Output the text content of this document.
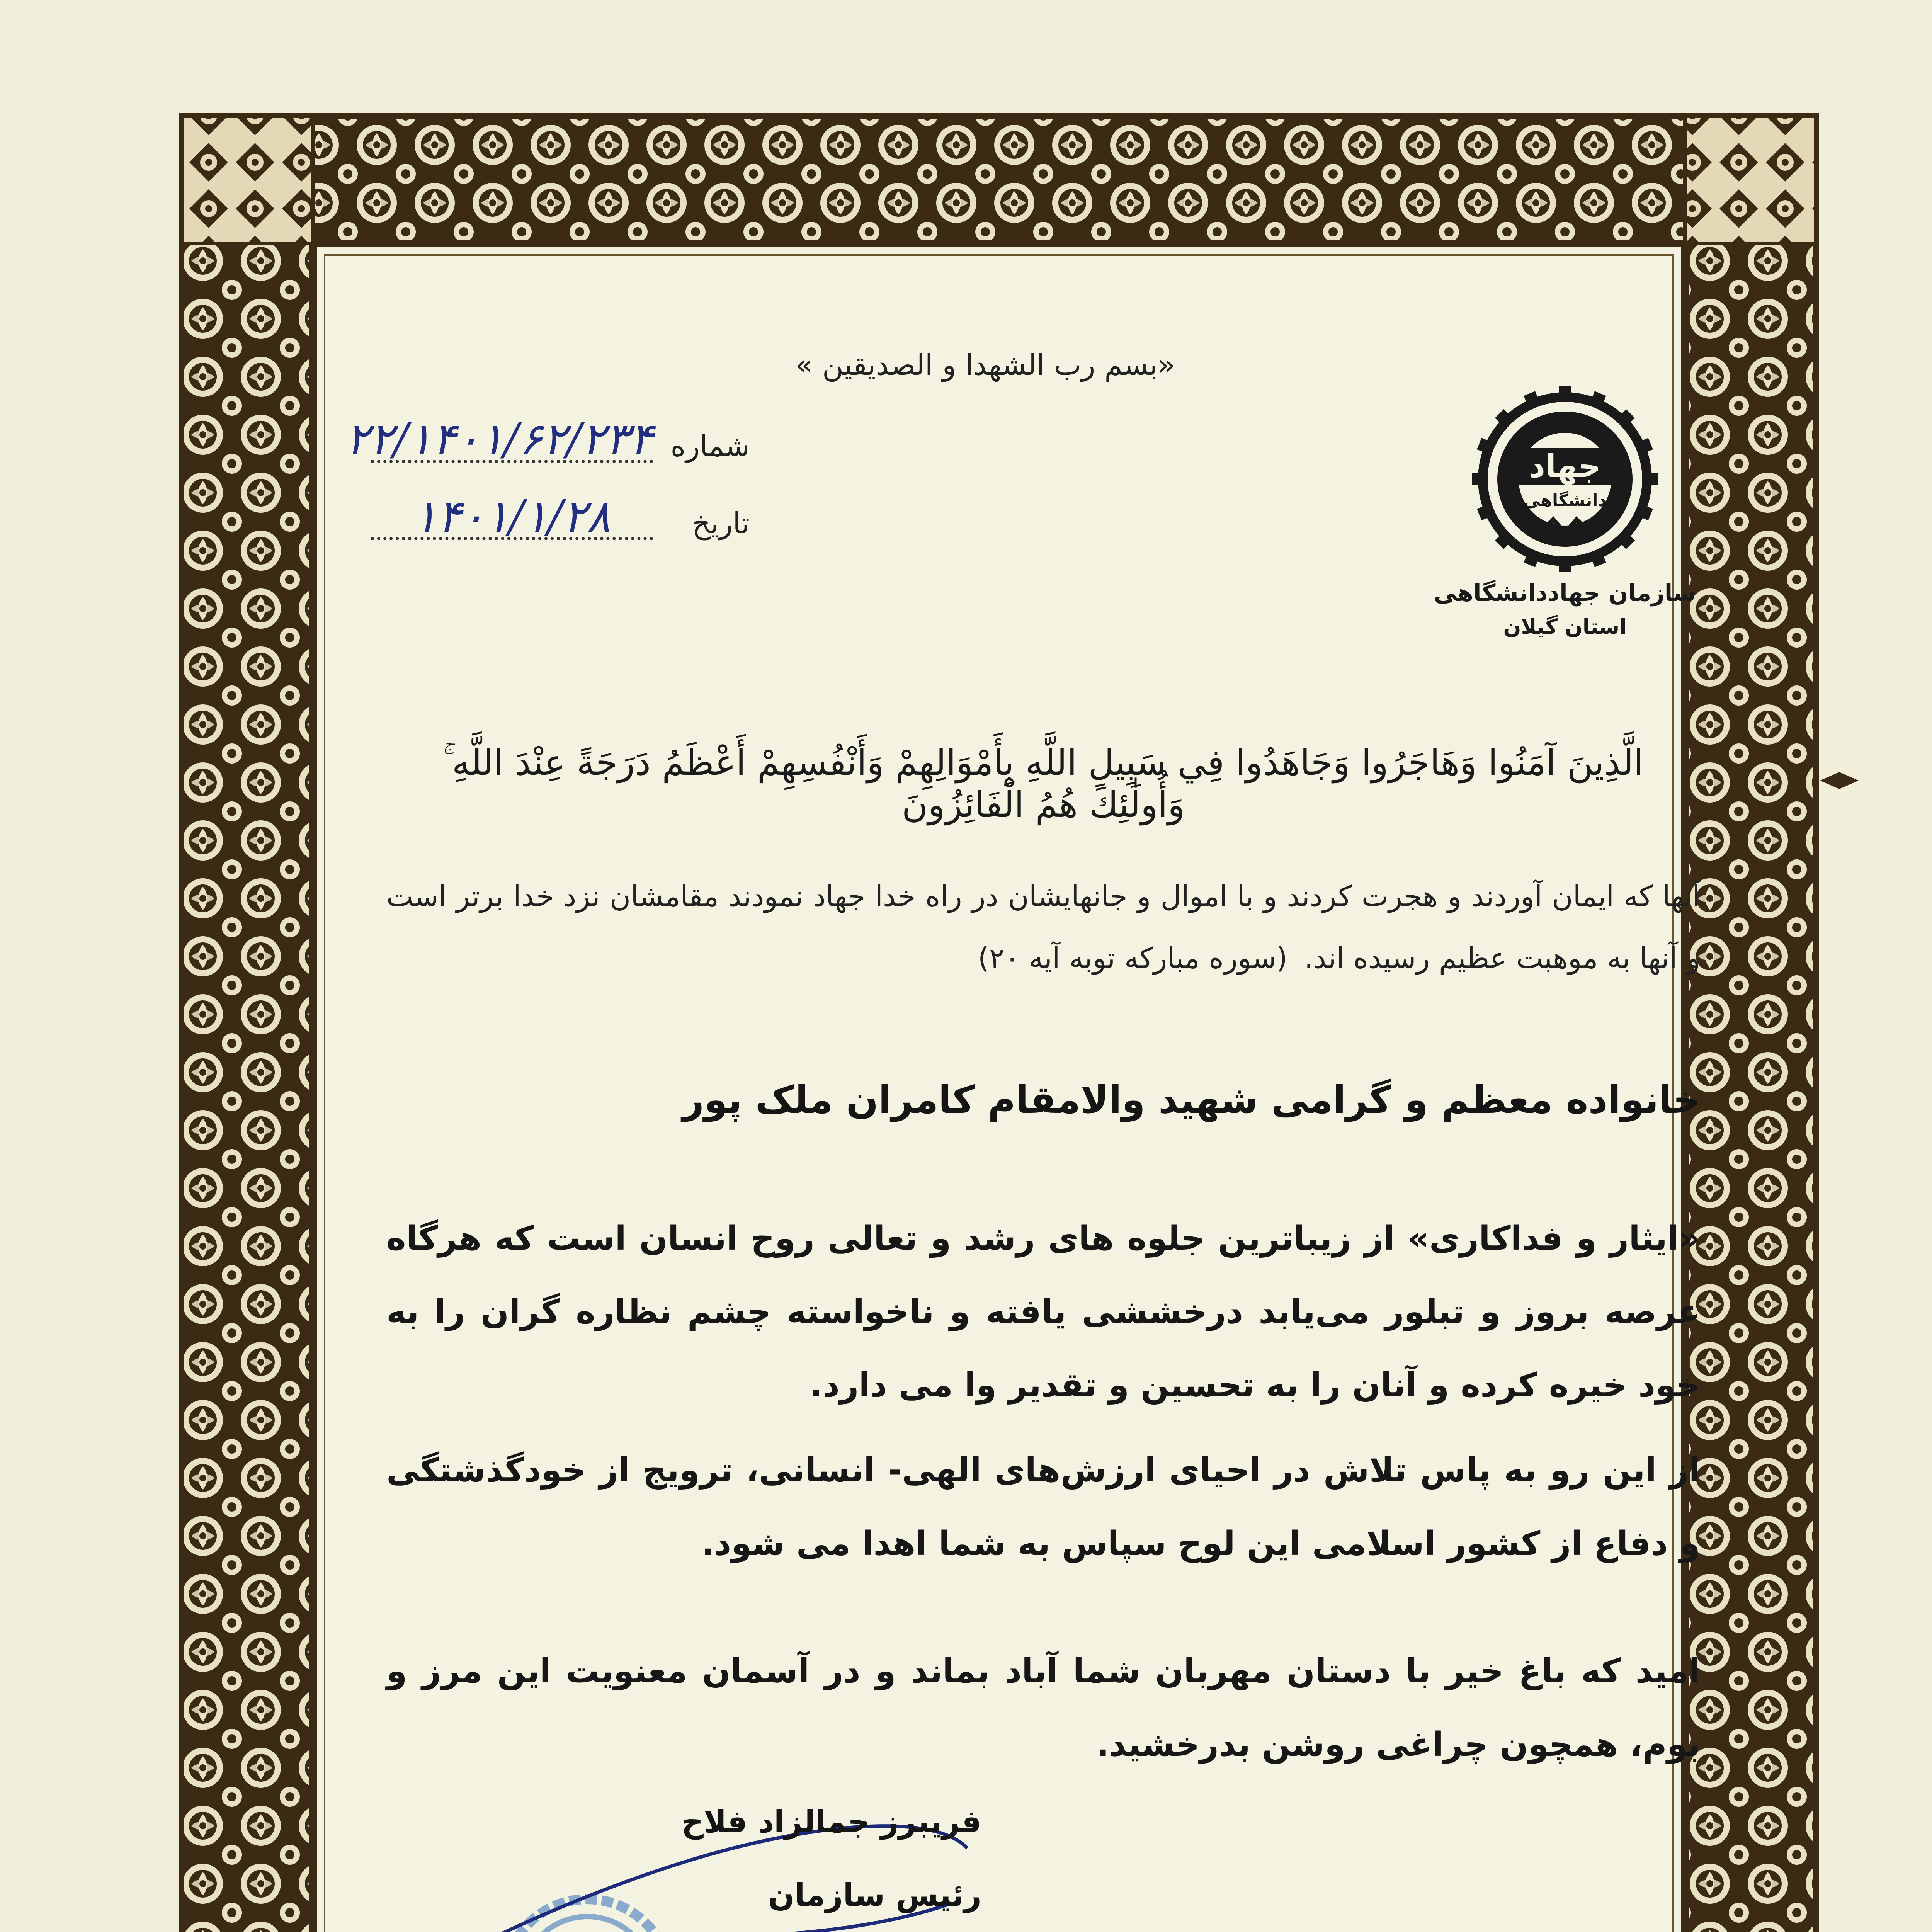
«بسم رب الشهدا و الصدیقین »
شماره
۲۲/۱۴۰۱/۶۲/۲۳۴
تاریخ
۱۴۰۱/۱/۲۸
جهاد
دانشگاهی
سازمان جهاددانشگاهی
استان گیلان
الَّذِينَ آمَنُوا وَهَاجَرُوا وَجَاهَدُوا فِي سَبِيلِ اللَّهِ بِأَمْوَالِهِمْ وَأَنْفُسِهِمْ أَعْظَمُ دَرَجَةً عِنْدَ اللَّهِ ۚ وَأُولَٰئِكَ هُمُ الْفَائِزُونَ
آنها که ایمان آوردند و هجرت کردند و با اموال و جانهایشان در راه خدا جهاد نمودند مقامشان نزد خدا برتر است و آنها به موهبت عظیم رسیده اند. (سوره مبارکه توبه آیه ۲۰)
خانواده معظم و گرامی شهید والامقام کامران ملک پور
«ایثار و فداکاری» از زیباترین جلوه های رشد و تعالی روح انسان است که هرگاه عرصه بروز و تبلور می‌یابد درخششی یافته و ناخواسته چشم نظاره گران را به خود خیره کرده و آنان را به تحسین و تقدیر وا می دارد.
از این رو به پاس تلاش در احیای ارزش‌های الهی- انسانی، ترویج از خودگذشتگی و دفاع از کشور اسلامی این لوح سپاس به شما اهدا می شود.
امید که باغ خیر با دستان مهربان شما آباد بماند و در آسمان معنویت این مرز و بوم، همچون چراغی روشن بدرخشید.
فریبرز جمالزاد فلاح
رئیس سازمان
